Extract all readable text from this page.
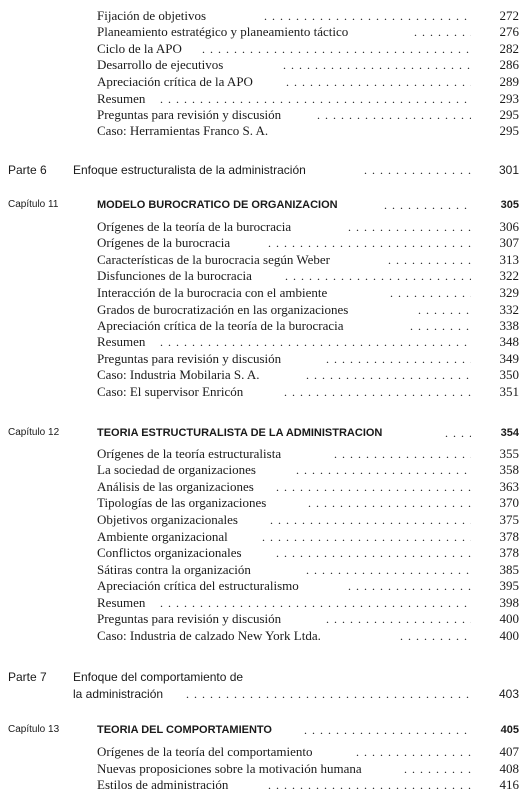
Fijación de objetivos . . .	272
Planeamiento estratégico y planeamiento táctico . . .	276
Ciclo de la APO . . .	282
Desarrollo de ejecutivos . . .	286
Apreciación crítica de la APO . . .	289
Resumen . . .	293
Preguntas para revisión y discusión . . .	295
Caso: Herramientas Franco S. A.	295
Parte 6 Enfoque estructuralista de la administración . . .	301
Capítulo 11	MODELO BUROCRATICO DE ORGANIZACION . . .	305
Orígenes de la teoría de la burocracia . . .	306
Orígenes de la burocracia . . .	307
Características de la burocracia según Weber . . .	313
Disfunciones de la burocracia . . .	322
Interacción de la burocracia con el ambiente . . .	329
Grados de burocratización en las organizaciones . . .	332
Apreciación crítica de la teoría de la burocracia . . .	338
Resumen . . .	348
Preguntas para revisión y discusión . . .	349
Caso: Industria Mobilaria S. A. . . .	350
Caso: El supervisor Enricón . . .	351
Capítulo 12	TEORIA ESTRUCTURALISTA DE LA ADMINISTRACION . . .	354
Orígenes de la teoría estructuralista . . .	355
La sociedad de organizaciones . . .	358
Análisis de las organizaciones . . .	363
Tipologías de las organizaciones . . .	370
Objetivos organizacionales . . .	375
Ambiente organizacional . . .	378
Conflictos organizacionales . . .	378
Sátiras contra la organización . . .	385
Apreciación crítica del estructuralismo . . .	395
Resumen . . .	398
Preguntas para revisión y discusión . . .	400
Caso: Industria de calzado New York Ltda. . . .	400
Parte 7 Enfoque del comportamiento de
la administración . . .	403
Capítulo 13	TEORIA DEL COMPORTAMIENTO . . .	405
Orígenes de la teoría del comportamiento . . .	407
Nuevas proposiciones sobre la motivación humana . . .	408
Estilos de administración . . .	416
